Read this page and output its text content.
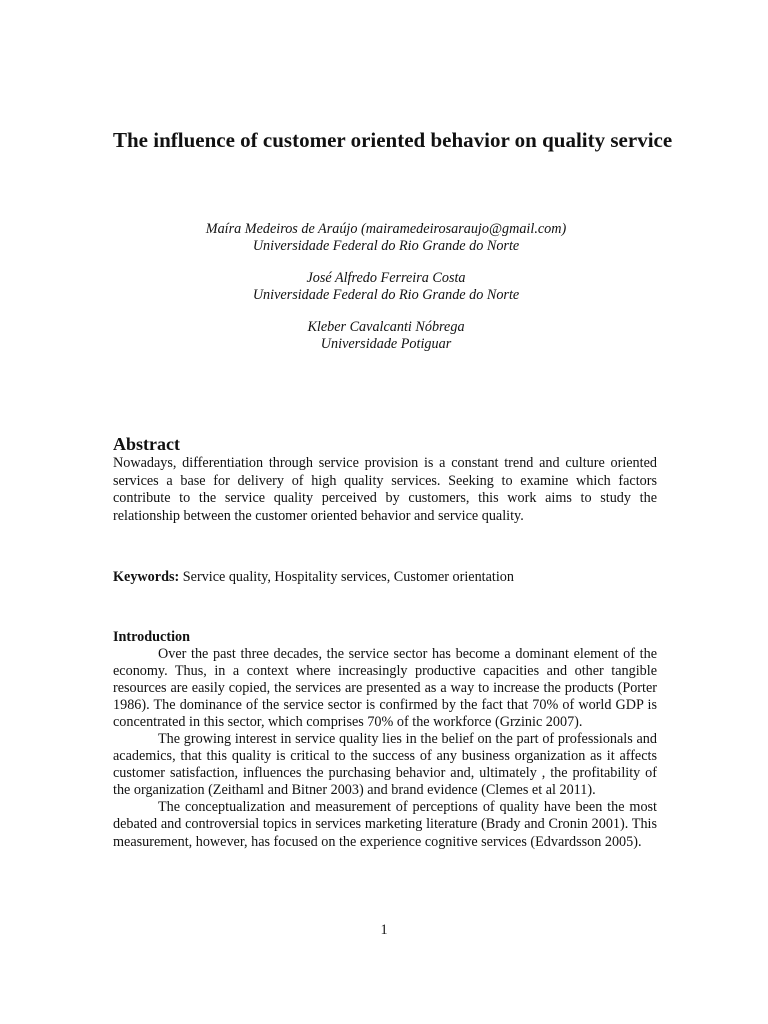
The influence of customer oriented behavior on quality service
Maíra Medeiros de Araújo (mairamedeirosaraujo@gmail.com)
Universidade Federal do Rio Grande do Norte
José Alfredo Ferreira Costa
Universidade Federal do Rio Grande do Norte
Kleber Cavalcanti Nóbrega
Universidade Potiguar
Abstract

Nowadays, differentiation through service provision is a constant trend and culture oriented services a base for delivery of high quality services. Seeking to examine which factors contribute to the service quality perceived by customers, this work aims to study the relationship between the customer oriented behavior and service quality.

Keywords: Service quality, Hospitality services, Customer orientation

Introduction

Over the past three decades, the service sector has become a dominant element of the economy. Thus, in a context where increasingly productive capacities and other tangible resources are easily copied, the services are presented as a way to increase the products (Porter 1986). The dominance of the service sector is confirmed by the fact that 70% of world GDP is concentrated in this sector, which comprises 70% of the workforce (Grzinic 2007).

The growing interest in service quality lies in the belief on the part of professionals and academics, that this quality is critical to the success of any business organization as it affects customer satisfaction, influences the purchasing behavior and, ultimately , the profitability of the organization (Zeithaml and Bitner 2003) and brand evidence (Clemes et al 2011).

The conceptualization and measurement of perceptions of quality have been the most debated and controversial topics in services marketing literature (Brady and Cronin 2001). This measurement, however, has focused on the experience cognitive services (Edvardsson 2005).

1
